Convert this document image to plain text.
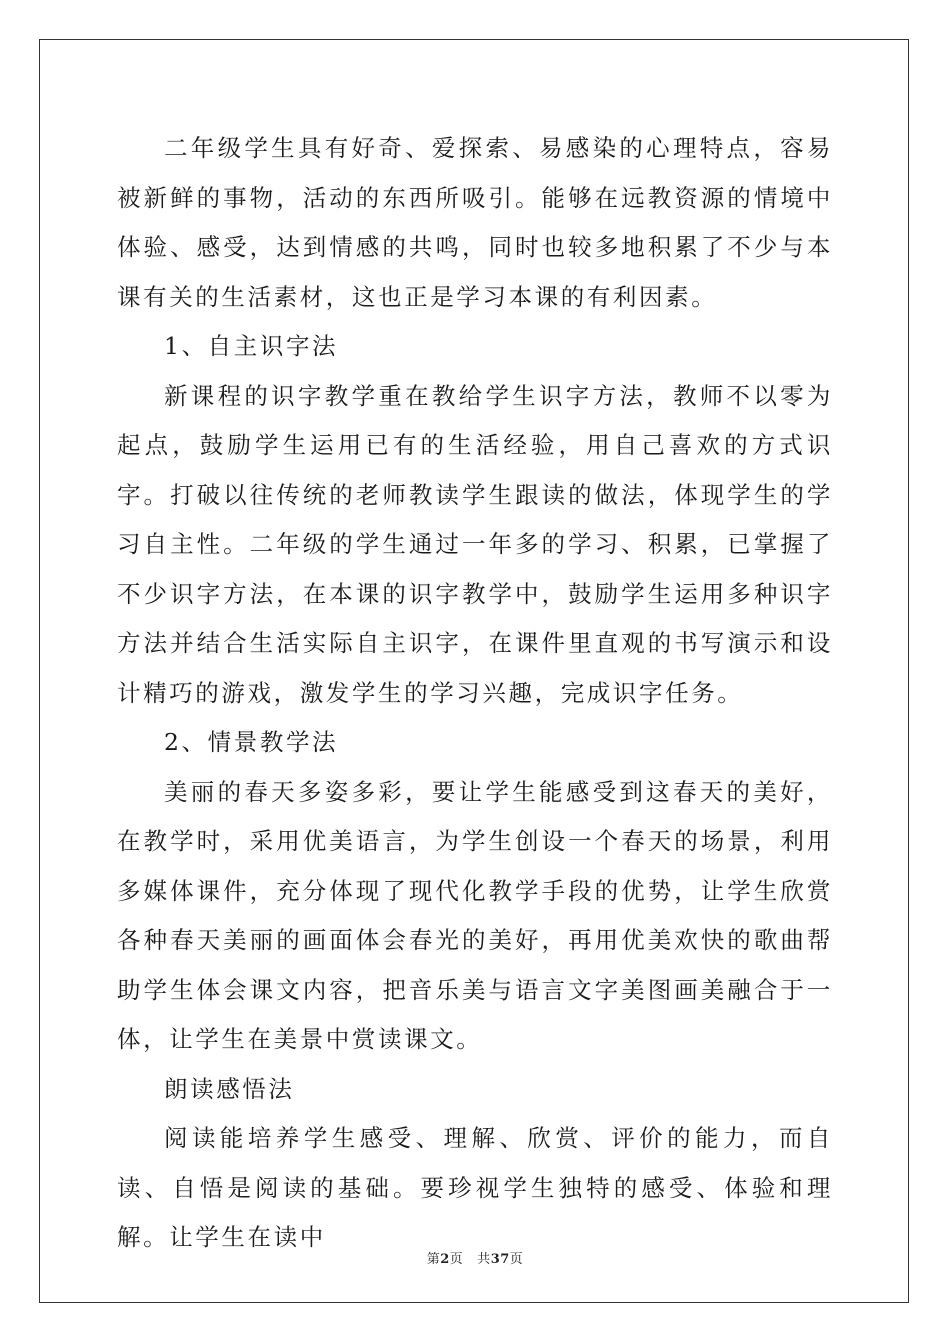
二年级学生具有好奇、爱探索、易感染的心理特点，容易被新鲜的事物，活动的东西所吸引。能够在远教资源的情境中体验、感受，达到情感的共鸣，同时也较多地积累了不少与本课有关的生活素材，这也正是学习本课的有利因素。

1、自主识字法

新课程的识字教学重在教给学生识字方法，教师不以零为起点，鼓励学生运用已有的生活经验，用自己喜欢的方式识字。打破以往传统的老师教读学生跟读的做法，体现学生的学习自主性。二年级的学生通过一年多的学习、积累，已掌握了不少识字方法，在本课的识字教学中，鼓励学生运用多种识字方法并结合生活实际自主识字，在课件里直观的书写演示和设计精巧的游戏，激发学生的学习兴趣，完成识字任务。

2、情景教学法

美丽的春天多姿多彩，要让学生能感受到这春天的美好，在教学时，采用优美语言，为学生创设一个春天的场景，利用多媒体课件，充分体现了现代化教学手段的优势，让学生欣赏各种春天美丽的画面体会春光的美好，再用优美欢快的歌曲帮助学生体会课文内容，把音乐美与语言文字美图画美融合于一体，让学生在美景中赏读课文。

朗读感悟法

阅读能培养学生感受、理解、欣赏、评价的能力，而自读、自悟是阅读的基础。要珍视学生独特的感受、体验和理解。让学生在读中

第2页 共37页
